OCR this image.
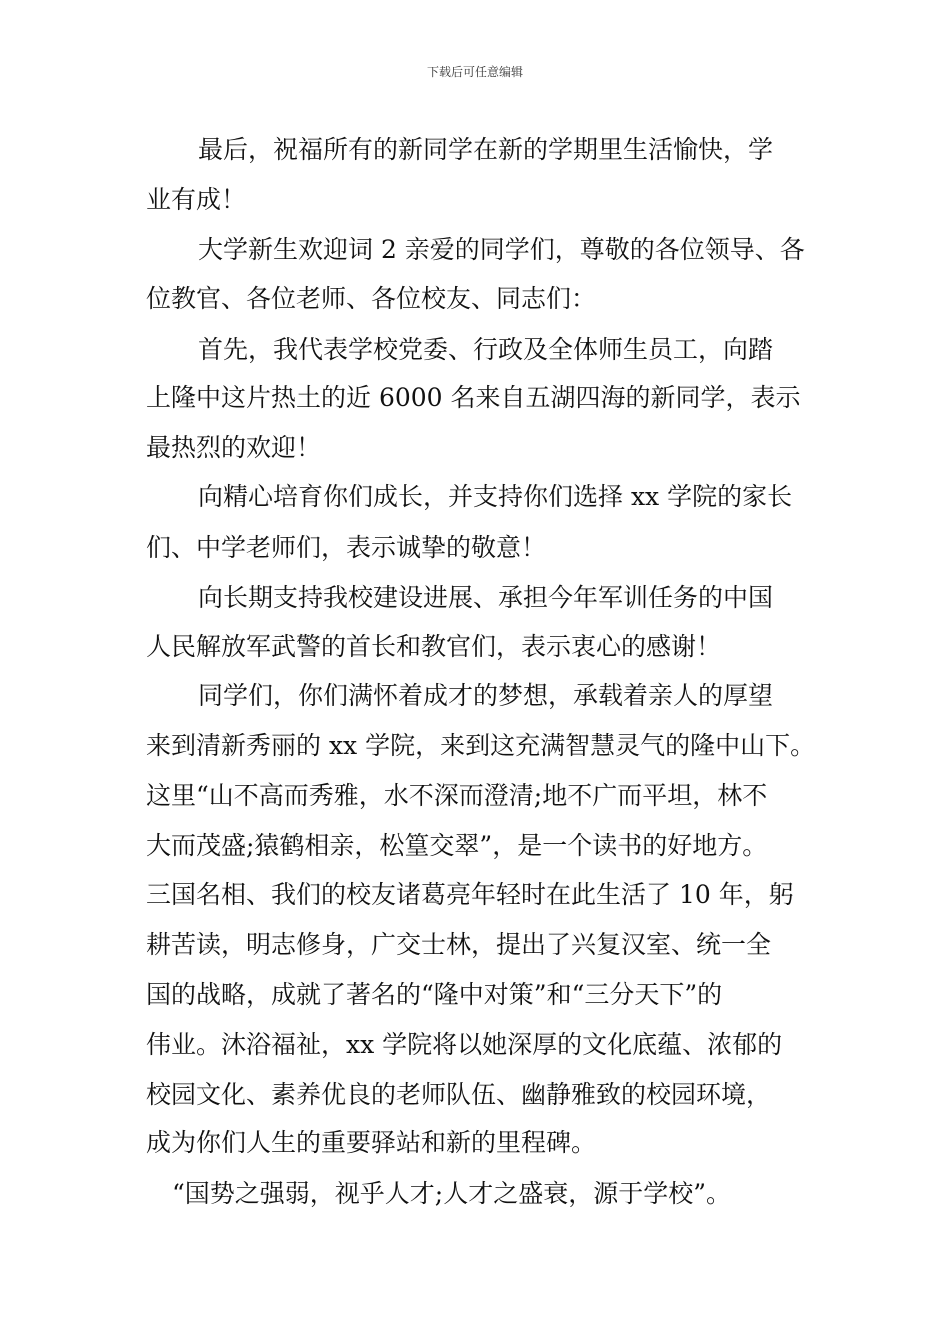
下载后可任意编辑
最后，祝福所有的新同学在新的学期里生活愉快，学
业有成！
大学新生欢迎词 2 亲爱的同学们，尊敬的各位领导、各
位教官、各位老师、各位校友、同志们：
首先，我代表学校党委、行政及全体师生员工，向踏
上隆中这片热土的近 6000 名来自五湖四海的新同学，表示
最热烈的欢迎！
向精心培育你们成长，并支持你们选择 xx 学院的家长
们、中学老师们，表示诚挚的敬意！
向长期支持我校建设进展、承担今年军训任务的中国
人民解放军武警的首长和教官们，表示衷心的感谢！
同学们，你们满怀着成才的梦想，承载着亲人的厚望
来到清新秀丽的 xx 学院，来到这充满智慧灵气的隆中山下。
这里“山不高而秀雅，水不深而澄清;地不广而平坦，林不
大而茂盛;猿鹤相亲，松篁交翠”，是一个读书的好地方。
三国名相、我们的校友诸葛亮年轻时在此生活了 10 年，躬
耕苦读，明志修身，广交士林，提出了兴复汉室、统一全
国的战略，成就了著名的“隆中对策”和“三分天下”的
伟业。沐浴福祉，xx 学院将以她深厚的文化底蕴、浓郁的
校园文化、素养优良的老师队伍、幽静雅致的校园环境，
成为你们人生的重要驿站和新的里程碑。
“国势之强弱，视乎人才;人才之盛衰，源于学校”。
